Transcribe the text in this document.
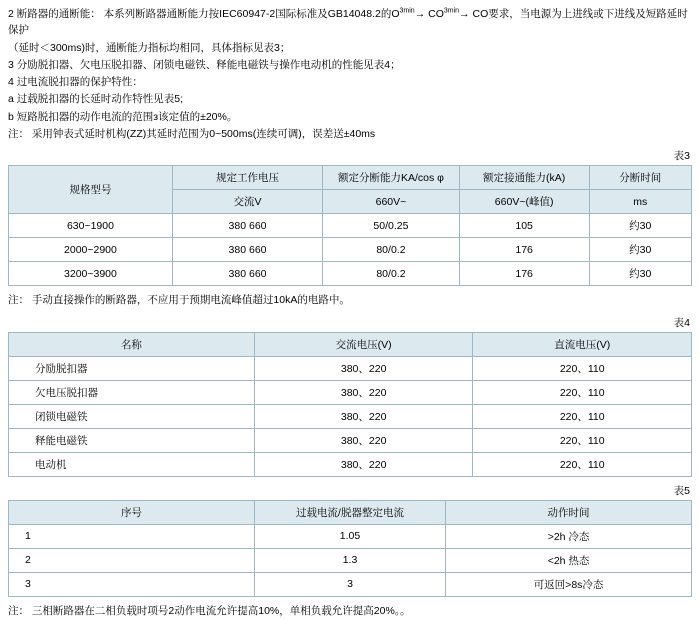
2 断路器的通断能： 本系列断路器通断能力按IEC60947-2国际标准及GB14048.2的$O^{3min}\to CO^{3min}\to$ CO要求，当电源为上进线或下进线及短路延时保护

（延时＜300ms)时，通断能力指标均相同，具体指标见表3；

3 分励脱扣器、欠电压脱扣器、闭锁电磁铁、释能电磁铁与操作电动机的性能见表4；

4 过电流脱扣器的保护特性：

a 过载脱扣器的长延时动作特性见表5;

b 短路脱扣器的动作电流的范围з该定值的±20%。

注： 采用钟表式延时机构(ZZ)其延时范围为0~500ms(连续可调)，误差送±40ms

表3
规格型号	规定工作电压	额定分断能力KA/cos φ	额定接通能力(kA)	分断时间
	交流V	660V~	660V~(峰值)	ms
630~1900	380 660	50/0.25	105	约30
2000~2900	380 660	80/0.2	176	约30
3200~3900	380 660	80/0.2	176	约30

注： 手动直接操作的断路器，不应用于预期电流峰值超过10kA的电路中。

表4
名称	交流电压(V)	直流电压(V)
分励脱扣器	380、220	220、110
欠电压脱扣器	380、220	220、110
闭锁电磁铁	380、220	220、110
释能电磁铁	380、220	220、110
电动机	380、220	220、110
表5
序号	过载电流/脱器整定电流	动作时间
1	1.05	>2h 冷态
2	1.3	<2h 热态
3	3	可返回>8s冷态

注： 三相断路器在二相负载时项号2动作电流允许提高10%，单相负载允许提高20%。。
